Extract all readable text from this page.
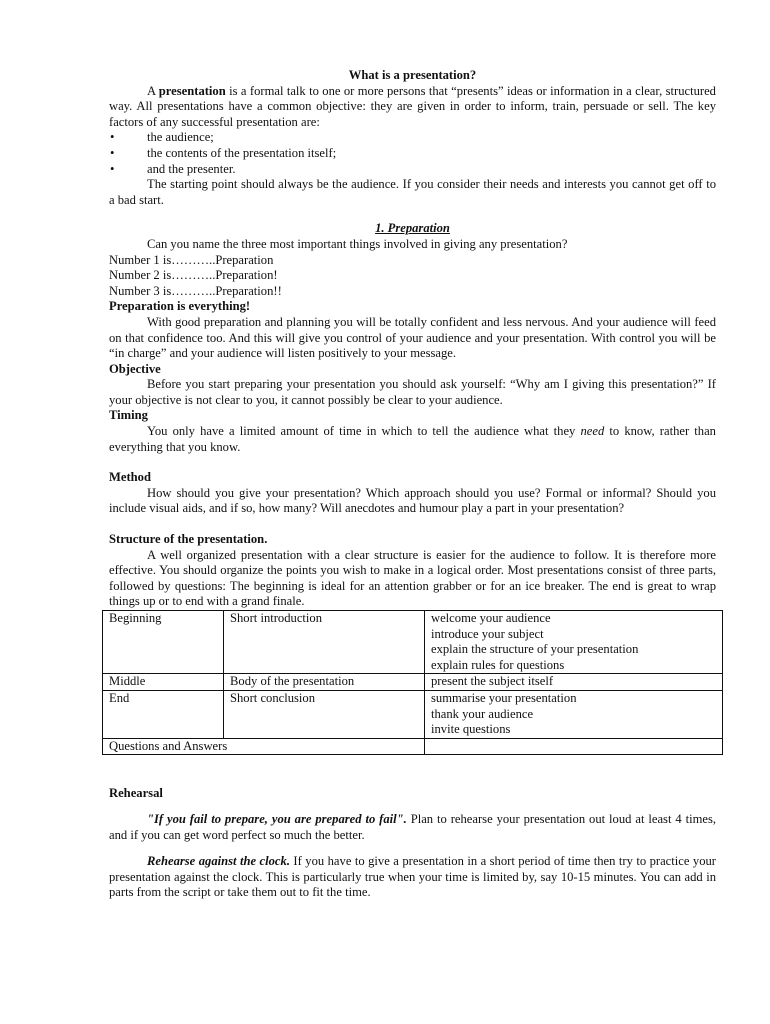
What is a presentation?

A presentation is a formal talk to one or more persons that “presents” ideas or information in a clear, structured way. All presentations have a common objective: they are given in order to inform, train, persuade or sell. The key factors of any successful presentation are:

•	the audience;
•	the contents of the presentation itself;
•	and the presenter.

The starting point should always be the audience. If you consider their needs and interests you cannot get off to a bad start.

1. Preparation

Can you name the three most important things involved in giving any presentation?

Number 1 is………..Preparation

Number 2 is………..Preparation!

Number 3 is………..Preparation!!

Preparation is everything!

With good preparation and planning you will be totally confident and less nervous. And your audience will feed on that confidence too. And this will give you control of your audience and your presentation. With control you will be “in charge” and your audience will listen positively to your message.

Objective

Before you start preparing your presentation you should ask yourself: “Why am I giving this presentation?” If your objective is not clear to you, it cannot possibly be clear to your audience.

Timing

You only have a limited amount of time in which to tell the audience what they need to know, rather than everything that you know.

Method

How should you give your presentation? Which approach should you use? Formal or informal? Should you include visual aids, and if so, how many? Will anecdotes and humour play a part in your presentation?

Structure of the presentation.

A well organized presentation with a clear structure is easier for the audience to follow. It is therefore more effective. You should organize the points you wish to make in a logical order. Most presentations consist of three parts, followed by questions: The beginning is ideal for an attention grabber or for an ice breaker. The end is great to wrap things up or to end with a grand finale.

Beginning	Short introduction	welcome your audience
introduce your subject
explain the structure of your presentation
explain rules for questions

Middle	Body of the presentation	present the subject itself

End	Short conclusion	summarise your presentation
thank your audience
invite questions

Questions and Answers		

Rehearsal

"If you fail to prepare, you are prepared to fail". Plan to rehearse your presentation out loud at least 4 times, and if you can get word perfect so much the better.

Rehearse against the clock. If you have to give a presentation in a short period of time then try to practice your presentation against the clock. This is particularly true when your time is limited by, say 10-15 minutes. You can add in parts from the script or take them out to fit the time.
